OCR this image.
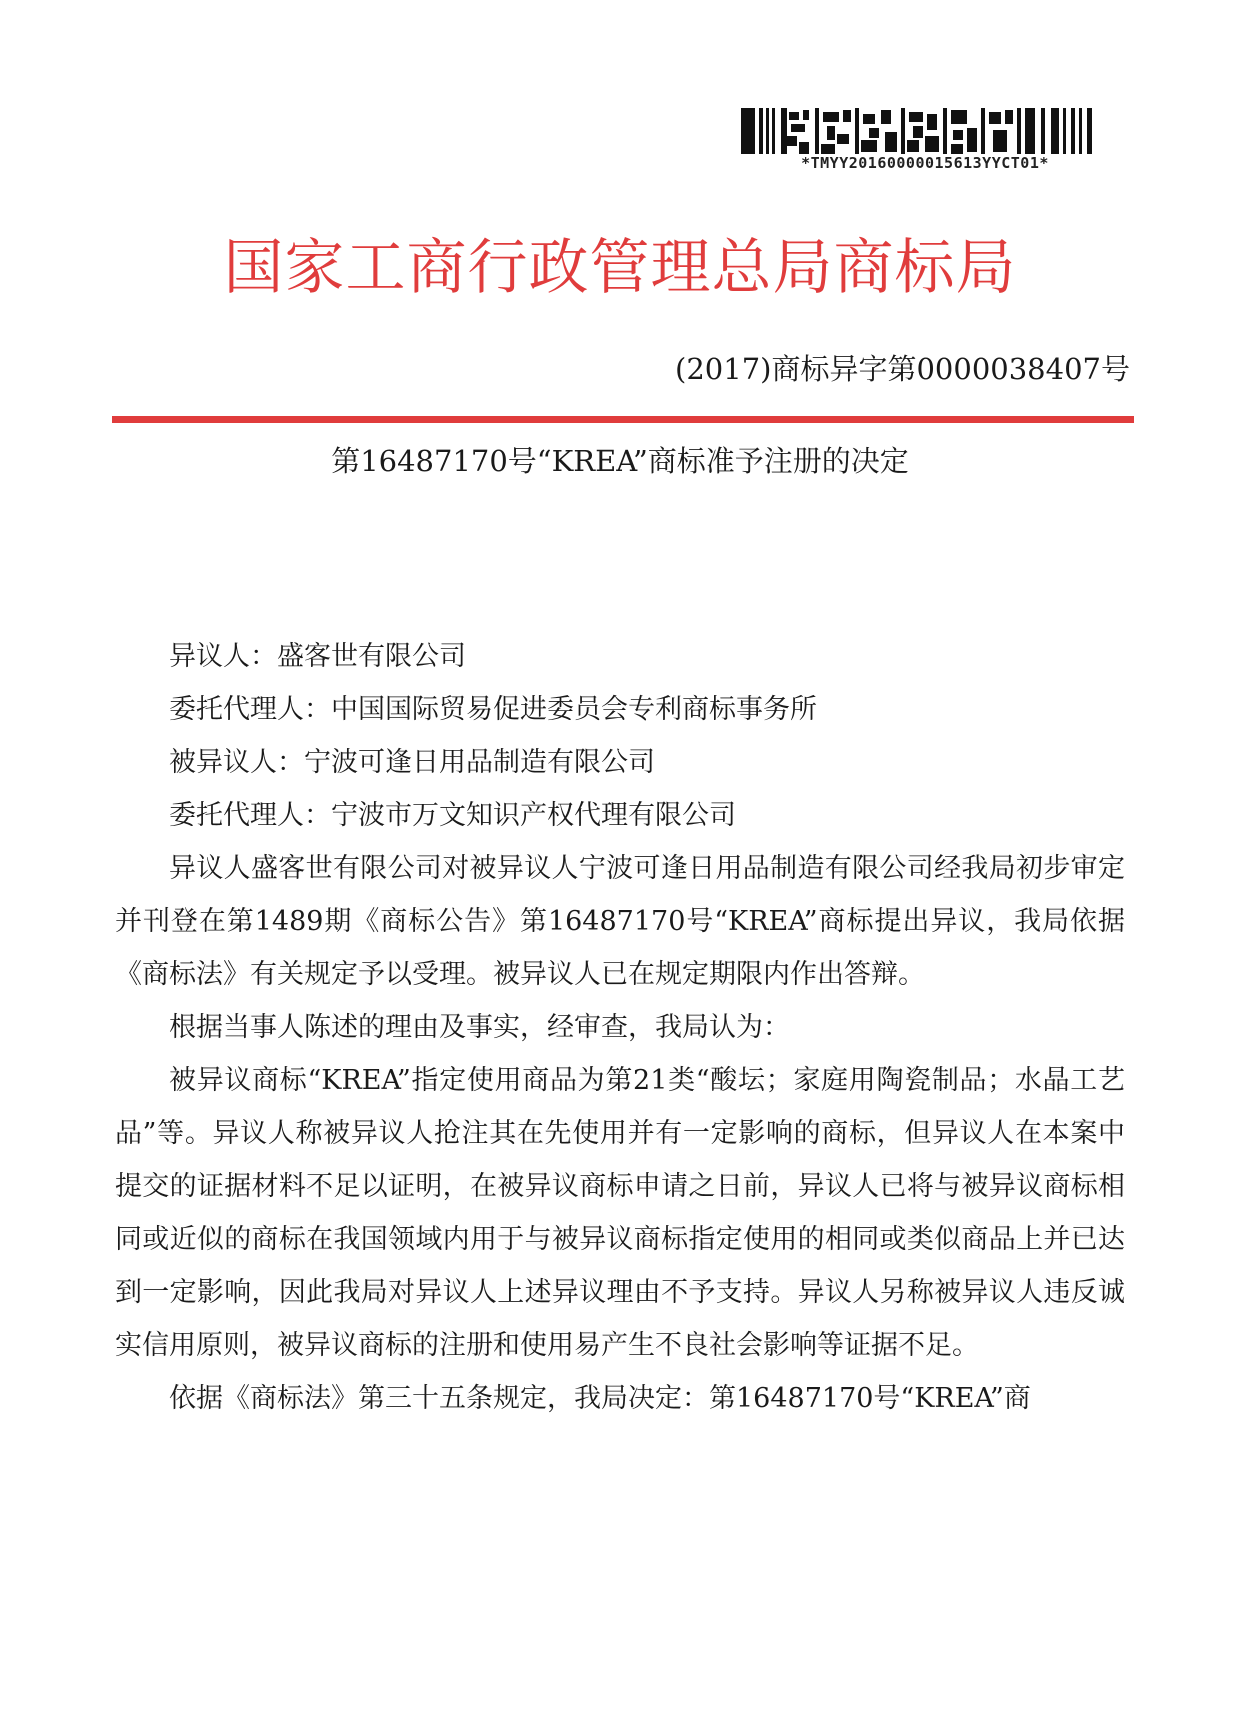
*TMYY20160000015613YYCT01*
国家工商行政管理总局商标局
(2017)商标异字第0000038407号
第16487170号“KREA”商标准予注册的决定

异议人：盛客世有限公司

委托代理人：中国国际贸易促进委员会专利商标事务所

被异议人：宁波可逢日用品制造有限公司

委托代理人：宁波市万文知识产权代理有限公司

异议人盛客世有限公司对被异议人宁波可逢日用品制造有限公司经我局初步审定并刊登在第1489期《商标公告》第16487170号“KREA”商标提出异议，我局依据《商标法》有关规定予以受理。被异议人已在规定期限内作出答辩。

根据当事人陈述的理由及事实，经审查，我局认为：

被异议商标“KREA”指定使用商品为第21类“酸坛；家庭用陶瓷制品；水晶工艺品”等。异议人称被异议人抢注其在先使用并有一定影响的商标，但异议人在本案中提交的证据材料不足以证明，在被异议商标申请之日前，异议人已将与被异议商标相同或近似的商标在我国领域内用于与被异议商标指定使用的相同或类似商品上并已达到一定影响，因此我局对异议人上述异议理由不予支持。异议人另称被异议人违反诚实信用原则，被异议商标的注册和使用易产生不良社会影响等证据不足。

依据《商标法》第三十五条规定，我局决定：第16487170号“KREA”商
